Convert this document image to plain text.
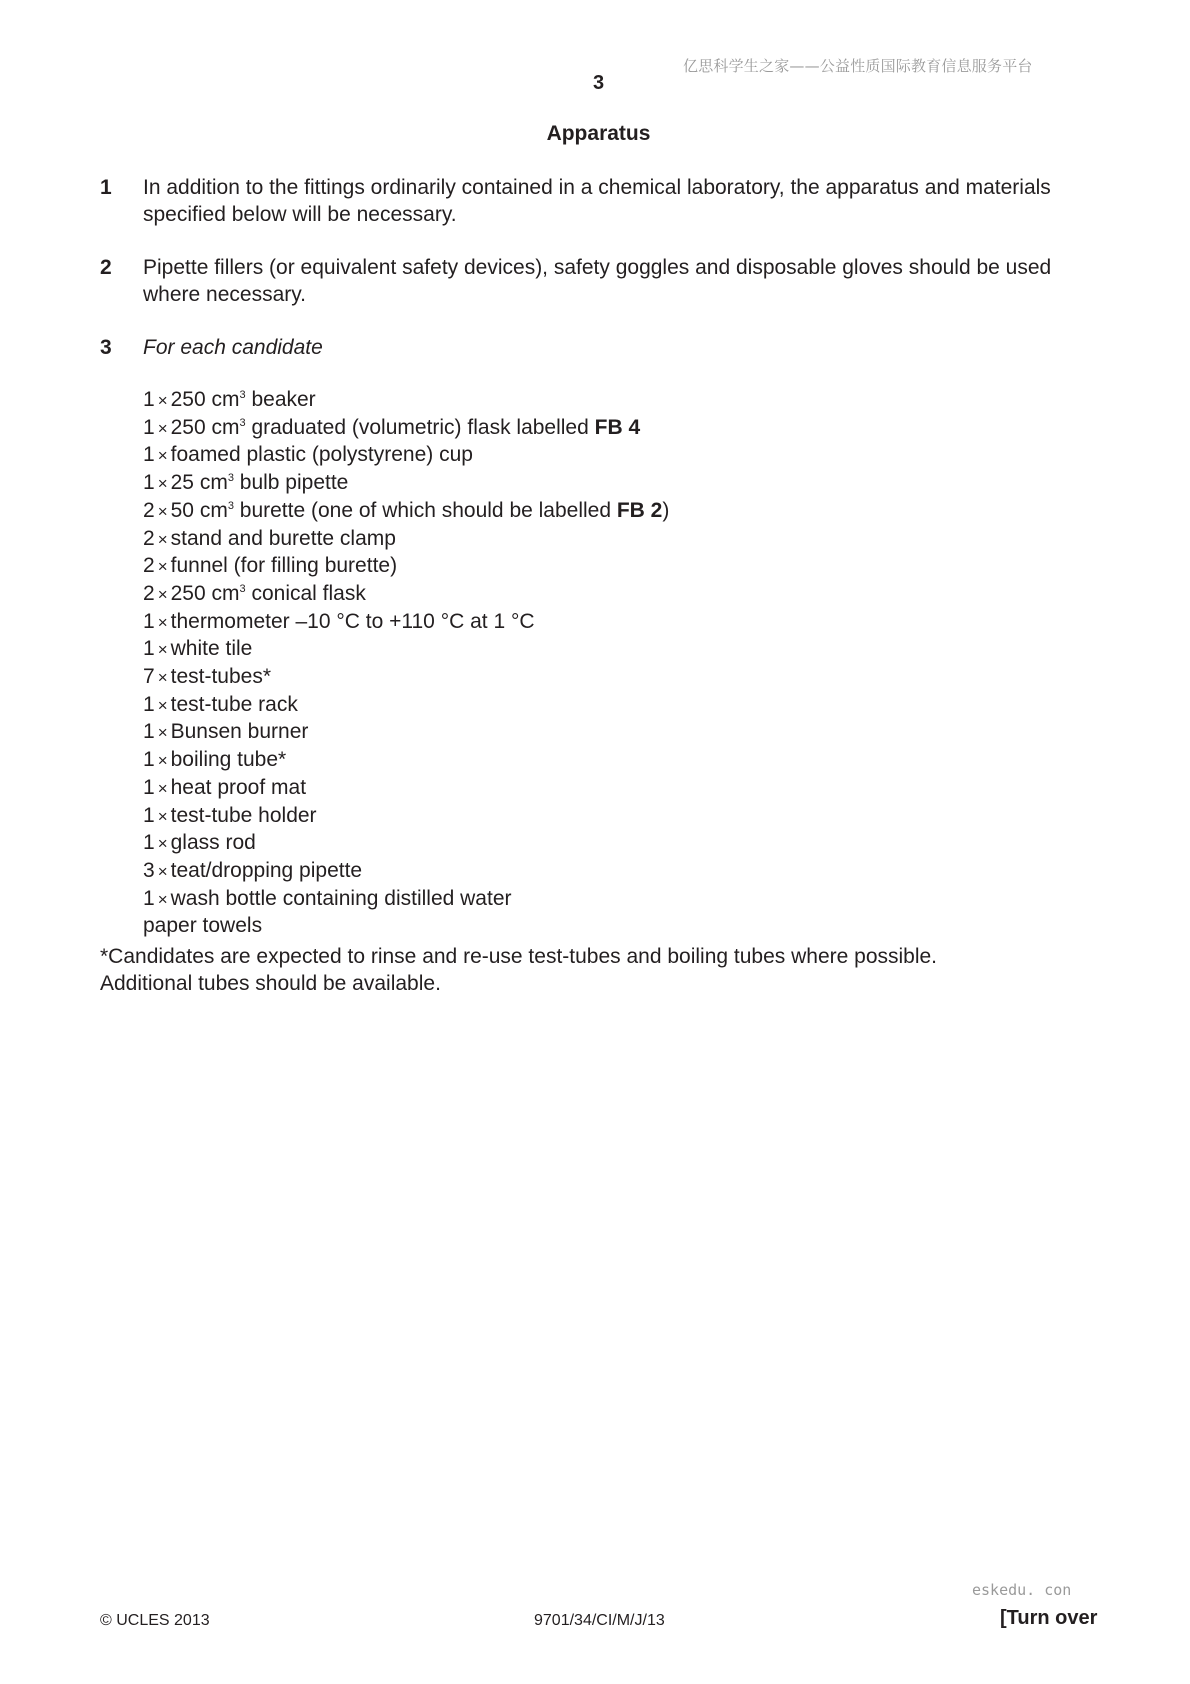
亿思科学生之家——公益性质国际教育信息服务平台
3
Apparatus
1 In addition to the fittings ordinarily contained in a chemical laboratory, the apparatus and materials specified below will be necessary.
2 Pipette fillers (or equivalent safety devices), safety goggles and disposable gloves should be used where necessary.
3 For each candidate
1 × 250 $cm^3$ beaker
1 × 250 $cm^3$ graduated (volumetric) flask labelled FB 4
1 × foamed plastic (polystyrene) cup
1 × 25 $cm^3$ bulb pipette
2 × 50 $cm^3$ burette (one of which should be labelled FB 2)
2 × stand and burette clamp
2 × funnel (for filling burette)
2 × 250 $cm^3$ conical flask
1 × thermometer –10 °C to +110 °C at 1 °C
1 × white tile
7 × test-tubes*
1 × test-tube rack
1 × Bunsen burner
1 × boiling tube*
1 × heat proof mat
1 × test-tube holder
1 × glass rod
3 × teat/dropping pipette
1 × wash bottle containing distilled water
paper towels
*Candidates are expected to rinse and re-use test-tubes and boiling tubes where possible.
Additional tubes should be available.
eskedu. con
© UCLES 2013	9701/34/CI/M/J/13	[Turn over
